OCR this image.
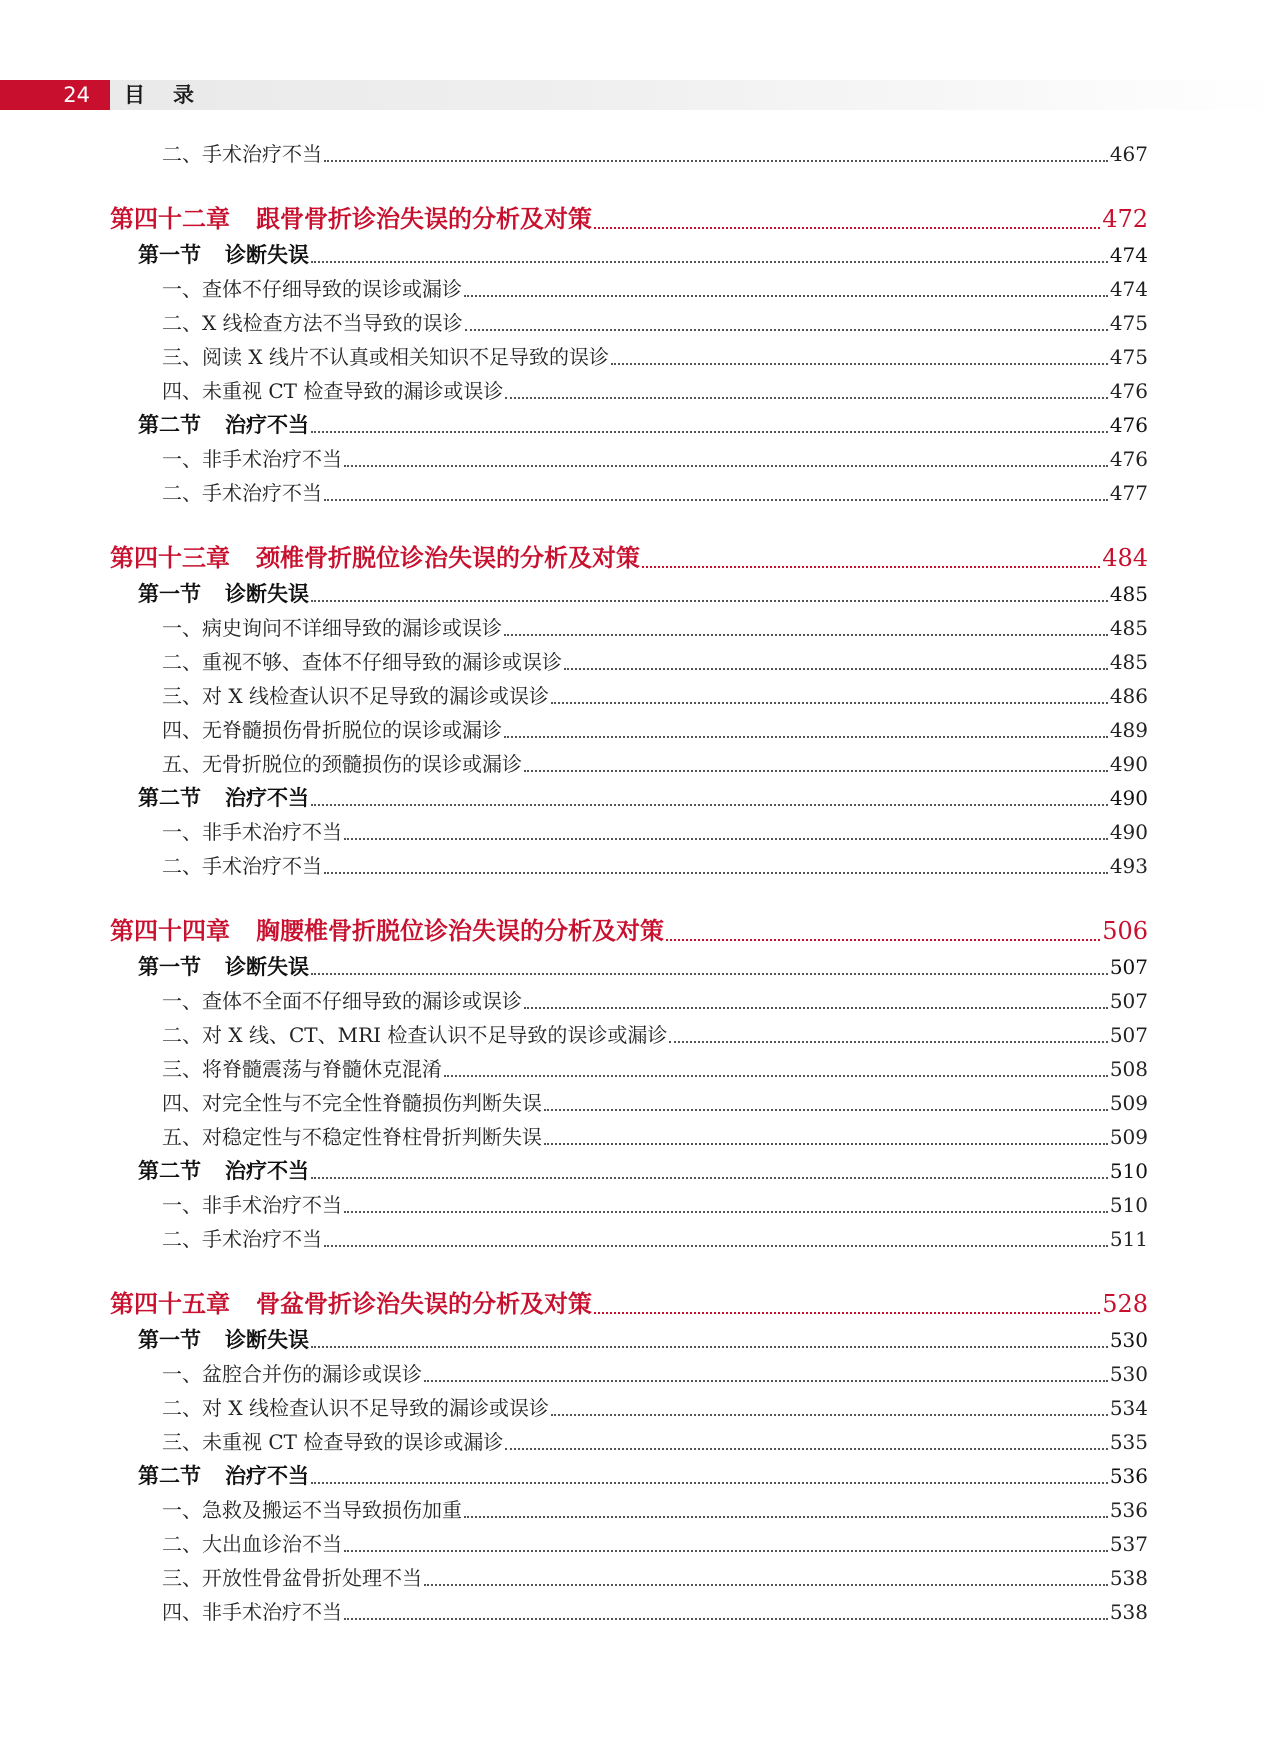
24	目录
二、手术治疗不当	467
第四十二章 跟骨骨折诊治失误的分析及对策	472
第一节 诊断失误	474
一、查体不仔细导致的误诊或漏诊	474
二、X 线检查方法不当导致的误诊	475
三、阅读 X 线片不认真或相关知识不足导致的误诊	475
四、未重视 CT 检查导致的漏诊或误诊	476
第二节 治疗不当	476
一、非手术治疗不当	476
二、手术治疗不当	477
第四十三章 颈椎骨折脱位诊治失误的分析及对策	484
第一节 诊断失误	485
一、病史询问不详细导致的漏诊或误诊	485
二、重视不够、查体不仔细导致的漏诊或误诊	485
三、对 X 线检查认识不足导致的漏诊或误诊	486
四、无脊髓损伤骨折脱位的误诊或漏诊	489
五、无骨折脱位的颈髓损伤的误诊或漏诊	490
第二节 治疗不当	490
一、非手术治疗不当	490
二、手术治疗不当	493
第四十四章 胸腰椎骨折脱位诊治失误的分析及对策	506
第一节 诊断失误	507
一、查体不全面不仔细导致的漏诊或误诊	507
二、对 X 线、CT、MRI 检查认识不足导致的误诊或漏诊	507
三、将脊髓震荡与脊髓休克混淆	508
四、对完全性与不完全性脊髓损伤判断失误	509
五、对稳定性与不稳定性脊柱骨折判断失误	509
第二节 治疗不当	510
一、非手术治疗不当	510
二、手术治疗不当	511
第四十五章 骨盆骨折诊治失误的分析及对策	528
第一节 诊断失误	530
一、盆腔合并伤的漏诊或误诊	530
二、对 X 线检查认识不足导致的漏诊或误诊	534
三、未重视 CT 检查导致的误诊或漏诊	535
第二节 治疗不当	536
一、急救及搬运不当导致损伤加重	536
二、大出血诊治不当	537
三、开放性骨盆骨折处理不当	538
四、非手术治疗不当	538
